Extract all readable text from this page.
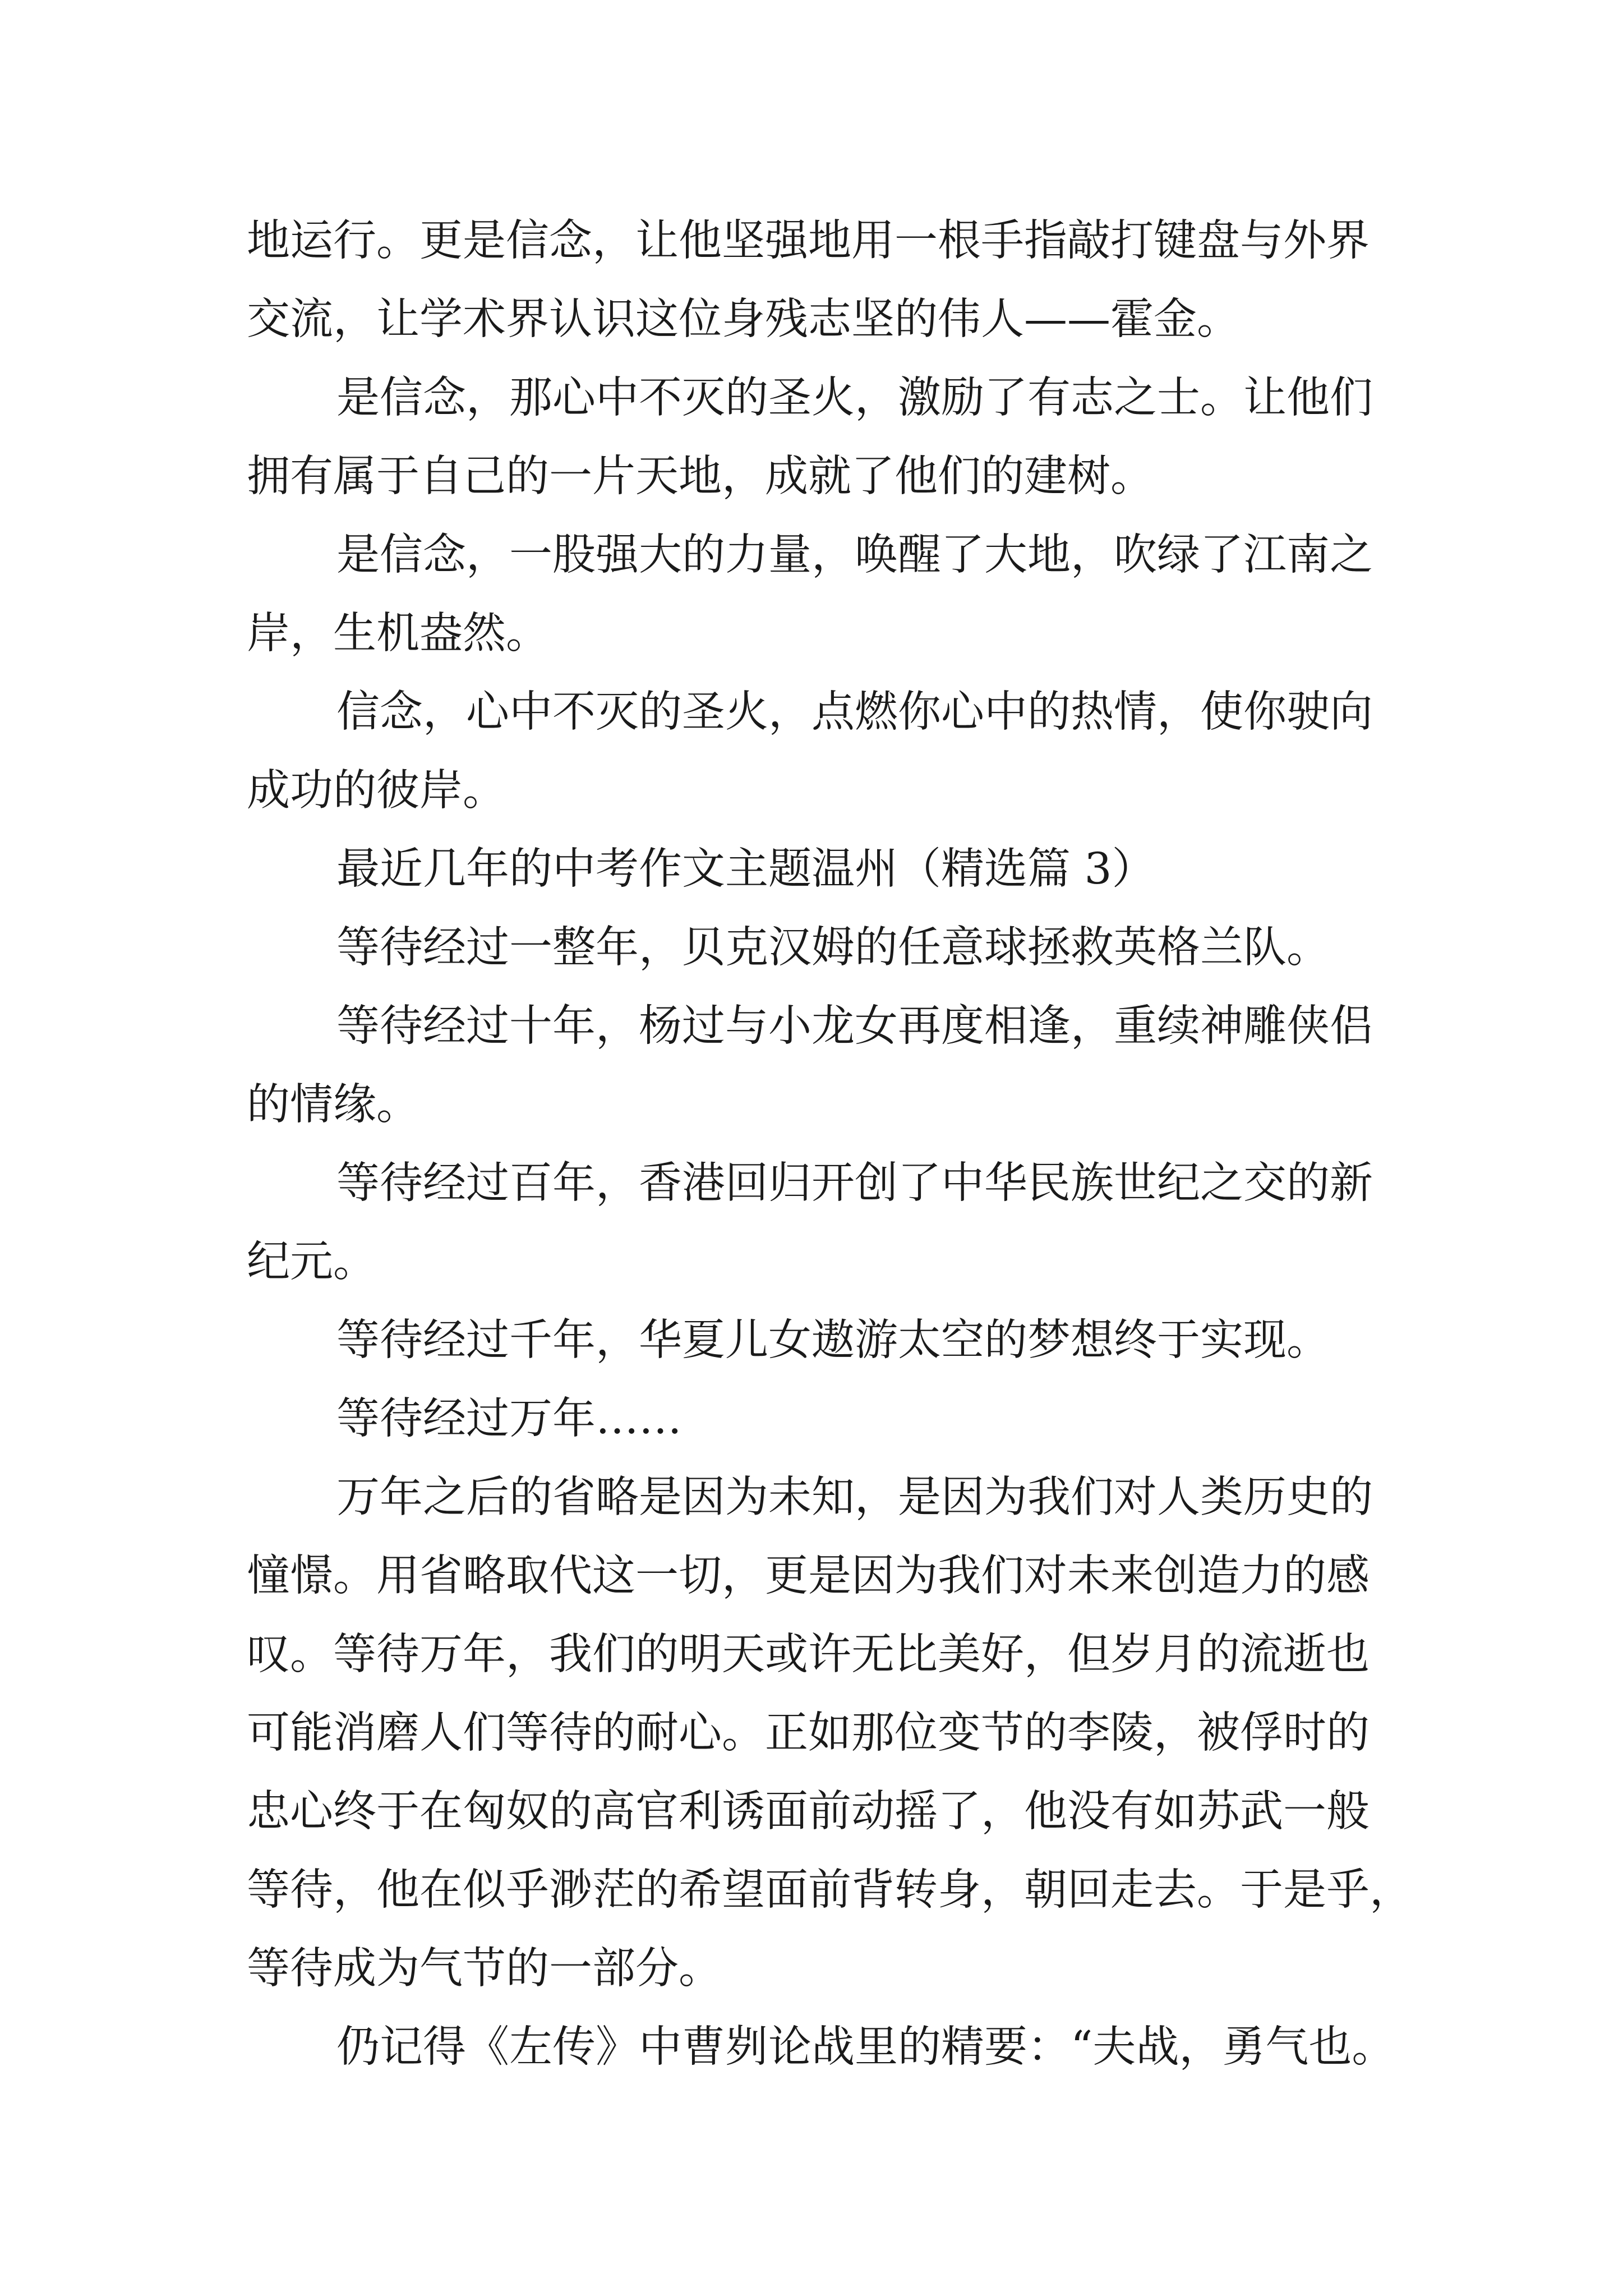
地运行。更是信念，让他坚强地用一根手指敲打键盘与外界
交流，让学术界认识这位身残志坚的伟人——霍金。
是信念，那心中不灭的圣火，激励了有志之士。让他们
拥有属于自己的一片天地，成就了他们的建树。
是信念，一股强大的力量，唤醒了大地，吹绿了江南之
岸，生机盎然。
信念，心中不灭的圣火，点燃你心中的热情，使你驶向
成功的彼岸。
最近几年的中考作文主题温州（精选篇 3）
等待经过一整年，贝克汉姆的任意球拯救英格兰队。
等待经过十年，杨过与小龙女再度相逢，重续神雕侠侣
的情缘。
等待经过百年，香港回归开创了中华民族世纪之交的新
纪元。
等待经过千年，华夏儿女遨游太空的梦想终于实现。
等待经过万年……
万年之后的省略是因为未知，是因为我们对人类历史的
憧憬。用省略取代这一切，更是因为我们对未来创造力的感
叹。等待万年，我们的明天或许无比美好，但岁月的流逝也
可能消磨人们等待的耐心。正如那位变节的李陵，被俘时的
忠心终于在匈奴的高官利诱面前动摇了，他没有如苏武一般
等待，他在似乎渺茫的希望面前背转身，朝回走去。于是乎，
等待成为气节的一部分。
仍记得《左传》中曹刿论战里的精要：“夫战，勇气也。
